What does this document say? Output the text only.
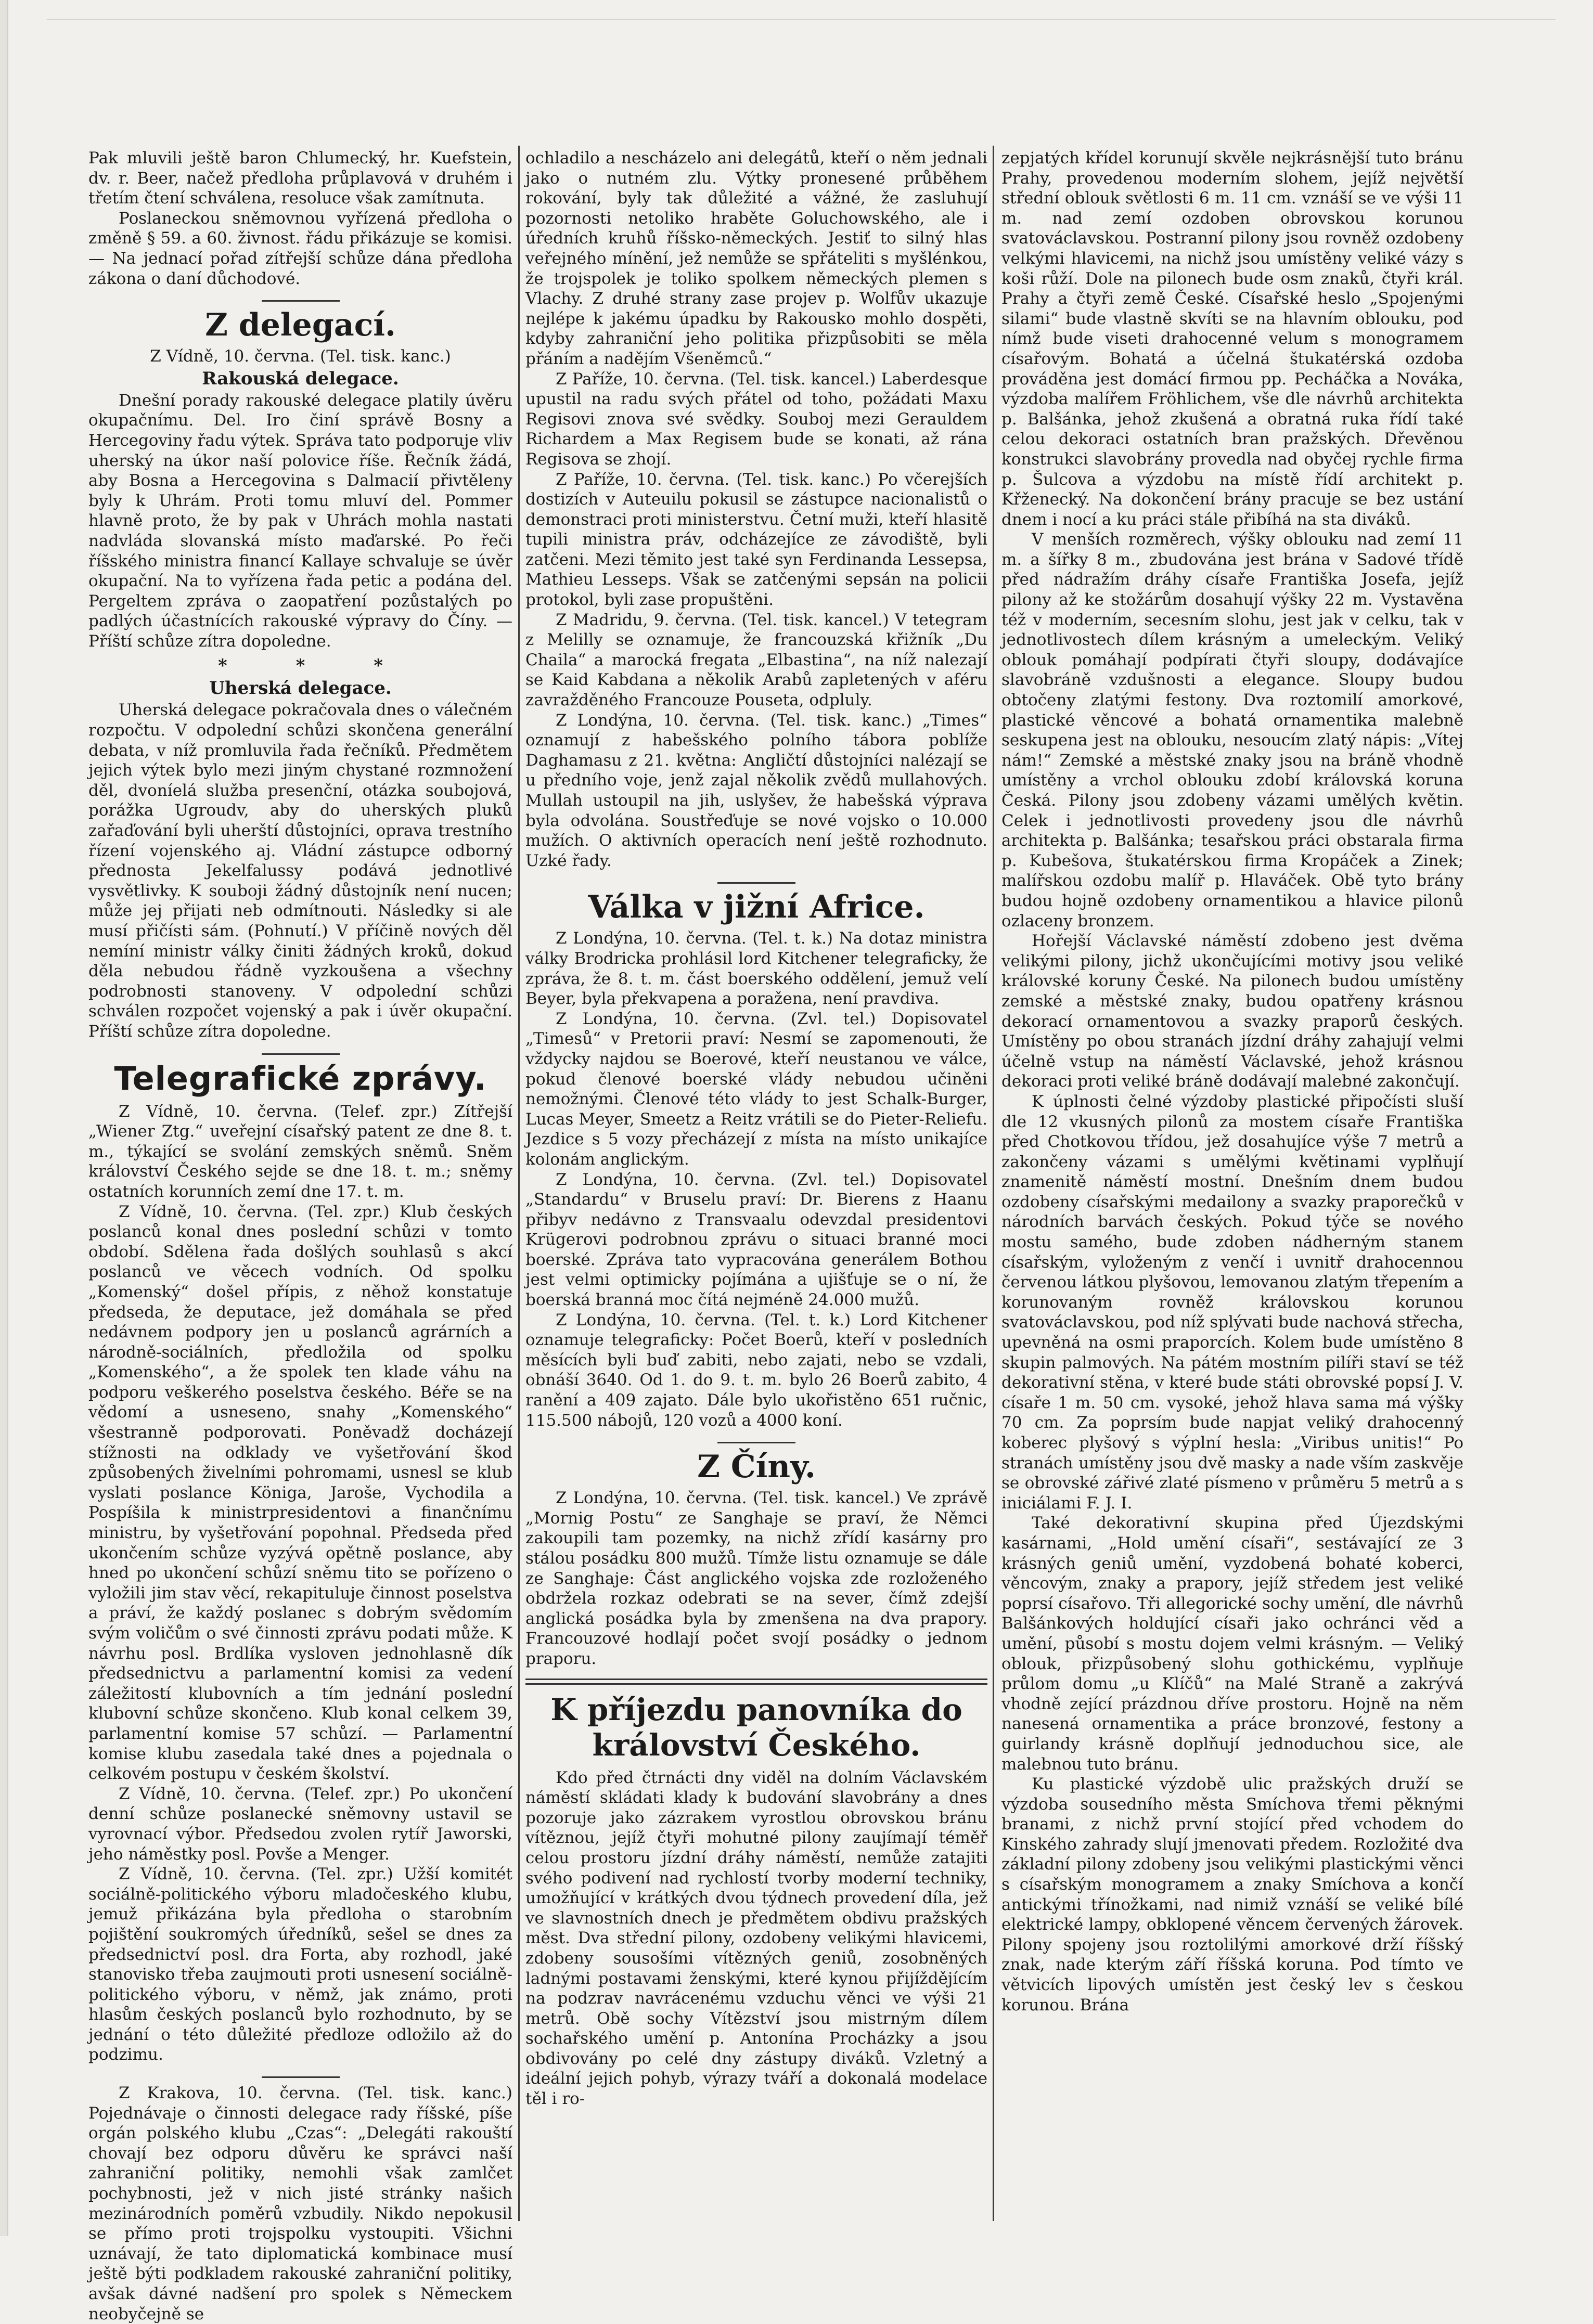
Pak mluvili ještě baron Chlumecký, hr. Kuefstein, dv. r. Beer, načež předloha průplavová v druhém i třetím čtení schválena, resoluce však zamítnuta.

Poslaneckou sněmovnou vyřízená předloha o změně § 59. a 60. živnost. řádu přikázuje se komisi. — Na jednací pořad zítřejší schůze dána předloha zákona o daní důchodové.

Z delegací.

Z Vídně, 10. června. (Tel. tisk. kanc.)

Rakouská delegace.

Dnešní porady rakouské delegace platily úvěru okupačnímu. Del. Iro činí správě Bosny a Hercegoviny řadu výtek. Správa tato podporuje vliv uherský na úkor naší polovice říše. Řečník žádá, aby Bosna a Hercegovina s Dalmacií přivtěleny byly k Uhrám. Proti tomu mluví del. Pommer hlavně proto, že by pak v Uhrách mohla nastati nadvláda slovanská místo maďarské. Po řeči říšského ministra financí Kallaye schvaluje se úvěr okupační. Na to vyřízena řada petic a podána del. Pergeltem zpráva o zaopatření pozůstalých po padlých účastnících rakouské výpravy do Číny. — Příští schůze zítra dopoledne.

* * *
Uherská delegace.

Uherská delegace pokračovala dnes o válečném rozpočtu. V odpolední schůzi skončena generální debata, v níž promluvila řada řečníků. Předmětem jejich výtek bylo mezi jiným chystané rozmnožení děl, dvoníelá služba presenční, otázka soubojová, porážka Ugroudv, aby do uherských pluků zařaďování byli uherští důstojníci, oprava trestního řízení vojenského aj. Vládní zástupce odborný přednosta Jekelfalussy podává jednotlivé vysvětlivky. K souboji žádný důstojník není nucen; může jej přijati neb odmítnouti. Následky si ale musí přičísti sám. (Pohnutí.) V příčině nových děl nemíní ministr války činiti žádných kroků, dokud děla nebudou řádně vyzkoušena a všechny podrobnosti stanoveny. V odpolední schůzi schválen rozpočet vojenský a pak i úvěr okupační. Příští schůze zítra dopoledne.

Telegrafické zprávy.

Z Vídně, 10. června. (Telef. zpr.) Zítřejší „Wiener Ztg.“ uveřejní císařský patent ze dne 8. t. m., týkající se svolání zemských sněmů. Sněm království Českého sejde se dne 18. t. m.; sněmy ostatních korunních zemí dne 17. t. m.

Z Vídně, 10. června. (Tel. zpr.) Klub českých poslanců konal dnes poslední schůzi v tomto období. Sdělena řada došlých souhlasů s akcí poslanců ve věcech vodních. Od spolku „Komenský“ došel přípis, z něhož konstatuje předseda, že deputace, jež domáhala se před nedávnem podpory jen u poslanců agrárních a národně-sociálních, předložila od spolku „Komenského“, a že spolek ten klade váhu na podporu veškerého poselstva českého. Béře se na vědomí a usneseno, snahy „Komenského“ všestranně podporovati. Poněvadž docházejí stížnosti na odklady ve vyšetřování škod způsobených živelními pohromami, usnesl se klub vyslati poslance Königa, Jaroše, Vychodila a Pospíšila k ministrpresidentovi a finančnímu ministru, by vyšetřování popohnal. Předseda před ukončením schůze vyzývá opětně poslance, aby hned po ukončení schůzí sněmu tito se pořízeno o vyložili jim stav věcí, rekapituluje činnost poselstva a práví, že každý poslanec s dobrým svědomím svým voličům o své činnosti zprávu podati může. K návrhu posl. Brdlíka vysloven jednohlasně dík předsednictvu a parlamentní komisi za vedení záležitostí klubovních a tím jednání poslední klubovní schůze skončeno. Klub konal celkem 39, parlamentní komise 57 schůzí. — Parlamentní komise klubu zasedala také dnes a pojednala o celkovém postupu v českém školství.

Z Vídně, 10. června. (Telef. zpr.) Po ukončení denní schůze poslanecké sněmovny ustavil se vyrovnací výbor. Předsedou zvolen rytíř Jaworski, jeho náměstky posl. Povše a Menger.

Z Vídně, 10. června. (Tel. zpr.) Užší komitét sociálně-politického výboru mladočeského klubu, jemuž přikázána byla předloha o starobním pojištění soukromých úředníků, sešel se dnes za předsednictví posl. dra Forta, aby rozhodl, jaké stanovisko třeba zaujmouti proti usnesení sociálně-politického výboru, v němž, jak známo, proti hlasům českých poslanců bylo rozhodnuto, by se jednání o této důležité předloze odložilo až do podzimu.

Z Krakova, 10. června. (Tel. tisk. kanc.) Pojednávaje o činnosti delegace rady říšské, píše orgán polského klubu „Czas“: „Delegáti rakouští chovají bez odporu důvěru ke správci naší zahraniční politiky, nemohli však zamlčet pochybnosti, jež v nich jisté stránky našich mezinárodních poměrů vzbudily. Nikdo nepokusil se přímo proti trojspolku vystoupiti. Všichni uznávají, že tato diplomatická kombinace musí ještě býti podkladem rakouské zahraniční politiky, avšak dávné nadšení pro spolek s Německem neobyčejně se

ochladilo a nescházelo ani delegátů, kteří o něm jednali jako o nutném zlu. Výtky pronesené průběhem rokování, byly tak důležité a vážné, že zasluhují pozornosti netoliko hraběte Goluchowského, ale i úředních kruhů říšsko-německých. Jestiť to silný hlas veřejného mínění, jež nemůže se spřáteliti s myšlénkou, že trojspolek je toliko spolkem německých plemen s Vlachy. Z druhé strany zase projev p. Wolfův ukazuje nejlépe k jakému úpadku by Rakousko mohlo dospěti, kdyby zahraniční jeho politika přizpůsobiti se měla přáním a nadějím Všeněmců.“

Z Paříže, 10. června. (Tel. tisk. kancel.) Laberdesque upustil na radu svých přátel od toho, požádati Maxu Regisovi znova své svědky. Souboj mezi Gerauldem Richardem a Max Regisem bude se konati, až rána Regisova se zhojí.

Z Paříže, 10. června. (Tel. tisk. kanc.) Po včerejších dostizích v Auteuilu pokusil se zástupce nacionalistů o demonstraci proti ministerstvu. Četní muži, kteří hlasitě tupili ministra práv, odcházejíce ze závodiště, byli zatčeni. Mezi těmito jest také syn Ferdinanda Lessepsa, Mathieu Lesseps. Však se zatčenými sepsán na policii protokol, byli zase propuštěni.

Z Madridu, 9. června. (Tel. tisk. kancel.) V tetegram z Melilly se oznamuje, že francouzská křižník „Du Chaila“ a marocká fregata „Elbastina“, na níž nalezají se Kaid Kabdana a několik Arabů zapletených v aféru zavražděného Francouze Pouseta, odpluly.

Z Londýna, 10. června. (Tel. tisk. kanc.) „Times“ oznamují z habešského polního tábora poblíže Daghamasu z 21. května: Angličtí důstojníci nalézají se u předního voje, jenž zajal několik zvědů mullahových. Mullah ustoupil na jih, uslyšev, že habešská výprava byla odvolána. Soustřeďuje se nové vojsko o 10.000 mužích. O aktivních operacích není ještě rozhodnuto. Uzké řady.

Válka v jižní Africe.

Z Londýna, 10. června. (Tel. t. k.) Na dotaz ministra války Brodricka prohlásil lord Kitchener telegraficky, že zpráva, že 8. t. m. část boerského oddělení, jemuž velí Beyer, byla překvapena a poražena, není pravdiva.

Z Londýna, 10. června. (Zvl. tel.) Dopisovatel „Timesů“ v Pretorii praví: Nesmí se zapomenouti, že vždycky najdou se Boerové, kteří neustanou ve válce, pokud členové boerské vlády nebudou učiněni nemožnými. Členové této vlády to jest Schalk-Burger, Lucas Meyer, Smeetz a Reitz vrátili se do Pieter-Reliefu. Jezdice s 5 vozy přecházejí z místa na místo unikajíce kolonám anglickým.

Z Londýna, 10. června. (Zvl. tel.) Dopisovatel „Standardu“ v Bruselu praví: Dr. Bierens z Haanu přibyv nedávno z Transvaalu odevzdal presidentovi Krügerovi podrobnou zprávu o situaci branné moci boerské. Zpráva tato vypracována generálem Bothou jest velmi optimicky pojímána a ujišťuje se o ní, že boerská branná moc čítá nejméně 24.000 mužů.

Z Londýna, 10. června. (Tel. t. k.) Lord Kitchener oznamuje telegraficky: Počet Boerů, kteří v posledních měsících byli buď zabiti, nebo zajati, nebo se vzdali, obnáší 3640. Od 1. do 9. t. m. bylo 26 Boerů zabito, 4 ranění a 409 zajato. Dále bylo ukořistěno 651 ručnic, 115.500 nábojů, 120 vozů a 4000 koní.

Z Číny.

Z Londýna, 10. června. (Tel. tisk. kancel.) Ve zprávě „Mornig Postu“ ze Sanghaje se praví, že Němci zakoupili tam pozemky, na nichž zřídí kasárny pro stálou posádku 800 mužů. Tímže listu oznamuje se dále ze Sanghaje: Část anglického vojska zde rozloženého obdržela rozkaz odebrati se na sever, čímž zdejší anglická posádka byla by zmenšena na dva prapory. Francouzové hodlají počet svojí posádky o jednom praporu.

K příjezdu panovníka do království Českého.

Kdo před čtrnácti dny viděl na dolním Václavském náměstí skládati klady k budování slavobrány a dnes pozoruje jako zázrakem vyrostlou obrovskou bránu vítěznou, jejíž čtyři mohutné pilony zaujímají téměř celou prostoru jízdní dráhy náměstí, nemůže zatajiti svého podivení nad rychlostí tvorby moderní techniky, umožňující v krátkých dvou týdnech provedení díla, jež ve slavnostních dnech je předmětem obdivu pražských měst. Dva střední pilony, ozdobeny velikými hlavicemi, zdobeny sousošími vítězných geniů, zosobněných ladnými postavami ženskými, které kynou přijíždějícím na podzrav navrácenému vzduchu věnci ve výši 21 metrů. Obě sochy Vítězství jsou mistrným dílem sochařského umění p. Antonína Procházky a jsou obdivovány po celé dny zástupy diváků. Vzletný a ideální jejich pohyb, výrazy tváří a dokonalá modelace těl i ro-

zepjatých křídel korunují skvěle nejkrásnější tuto bránu Prahy, provedenou moderním slohem, jejíž největší střední oblouk světlosti 6 m. 11 cm. vznáší se ve výši 11 m. nad zemí ozdoben obrovskou korunou svatováclavskou. Postranní pilony jsou rovněž ozdobeny velkými hlavicemi, na nichž jsou umístěny veliké vázy s koši růží. Dole na pilonech bude osm znaků, čtyři král. Prahy a čtyři země České. Císařské heslo „Spojenými silami“ bude vlastně skvíti se na hlavním oblouku, pod nímž bude viseti drahocenné velum s monogramem císařovým. Bohatá a účelná štukatérská ozdoba prováděna jest domácí firmou pp. Pecháčka a Nováka, výzdoba malířem Fröhlichem, vše dle návrhů architekta p. Balšánka, jehož zkušená a obratná ruka řídí také celou dekoraci ostatních bran pražských. Dřevěnou konstrukci slavobrány provedla nad obyčej rychle firma p. Šulcova a výzdobu na místě řídí architekt p. Křženecký. Na dokončení brány pracuje se bez ustání dnem i nocí a ku práci stále přibíhá na sta diváků.

V menších rozměrech, výšky oblouku nad zemí 11 m. a šířky 8 m., zbudována jest brána v Sadové třídě před nádražím dráhy císaře Františka Josefa, jejíž pilony až ke stožárům dosahují výšky 22 m. Vystavěna též v moderním, secesním slohu, jest jak v celku, tak v jednotlivostech dílem krásným a umeleckým. Veliký oblouk pomáhají podpírati čtyři sloupy, dodávajíce slavobráně vzdušnosti a elegance. Sloupy budou obtočeny zlatými festony. Dva roztomilí amorkové, plastické věncové a bohatá ornamentika malebně seskupena jest na oblouku, nesoucím zlatý nápis: „Vítej nám!“ Zemské a městské znaky jsou na bráně vhodně umístěny a vrchol oblouku zdobí královská koruna Česká. Pilony jsou zdobeny vázami umělých květin. Celek i jednotlivosti provedeny jsou dle návrhů architekta p. Balšánka; tesařskou práci obstarala firma p. Kubešova, štukatérskou firma Kropáček a Zinek; malířskou ozdobu malíř p. Hlaváček. Obě tyto brány budou hojně ozdobeny ornamentikou a hlavice pilonů ozlaceny bronzem.

Hořejší Václavské náměstí zdobeno jest dvěma velikými pilony, jichž ukončujícími motivy jsou veliké královské koruny České. Na pilonech budou umístěny zemské a městské znaky, budou opatřeny krásnou dekorací ornamentovou a svazky praporů českých. Umístěny po obou stranách jízdní dráhy zahajují velmi účelně vstup na náměstí Václavské, jehož krásnou dekoraci proti veliké bráně dodávají malebné zakončují.

K úplnosti čelné výzdoby plastické připočísti sluší dle 12 vkusných pilonů za mostem císaře Františka před Chotkovou třídou, jež dosahujíce výše 7 metrů a zakončeny vázami s umělými květinami vyplňují znamenitě náměstí mostní. Dnešním dnem budou ozdobeny císařskými medailony a svazky praporečků v národních barvách českých. Pokud týče se nového mostu samého, bude zdoben nádherným stanem císařským, vyloženým z venčí i uvnitř drahocennou červenou látkou plyšovou, lemovanou zlatým třepením a korunovaným rovněž královskou korunou svatováclavskou, pod níž splývati bude nachová střecha, upevněná na osmi praporcích. Kolem bude umístěno 8 skupin palmových. Na pátém mostním pilíři staví se též dekorativní stěna, v které bude státi obrovské popsí J. V. císaře 1 m. 50 cm. vysoké, jehož hlava sama má výšky 70 cm. Za poprsím bude napjat veliký drahocenný koberec plyšový s výplní hesla: „Viribus unitis!“ Po stranách umístěny jsou dvě masky a nade vším zaskvěje se obrovské zářivé zlaté písmeno v průměru 5 metrů a s iniciálami F. J. I.

Také dekorativní skupina před Újezdskými kasárnami, „Hold umění císaři“, sestávající ze 3 krásných geniů umění, vyzdobená bohaté koberci, věncovým, znaky a prapory, jejíž středem jest veliké poprsí císařovo. Tři allegorické sochy umění, dle návrhů Balšánkových holdující císaři jako ochránci věd a umění, působí s mostu dojem velmi krásným. — Veliký oblouk, přizpůsobený slohu gothickému, vyplňuje průlom domu „u Klíčů“ na Malé Straně a zakrývá vhodně zející prázdnou dříve prostoru. Hojně na něm nanesená ornamentika a práce bronzové, festony a guirlandy krásně doplňují jednoduchou sice, ale malebnou tuto bránu.

Ku plastické výzdobě ulic pražských druží se výzdoba sousedního města Smíchova třemi pěknými branami, z nichž první stojící před vchodem do Kinského zahrady slují jmenovati předem. Rozložité dva základní pilony zdobeny jsou velikými plastickými věnci s císařským monogramem a znaky Smíchova a končí antickými třínožkami, nad nimiž vznáší se veliké bílé elektrické lampy, obklopené věncem červených žárovek. Pilony spojeny jsou roztolilými amorkové drží říšský znak, nade kterým září říšská koruna. Pod tímto ve větvicích lipových umístěn jest český lev s českou korunou. Brána
